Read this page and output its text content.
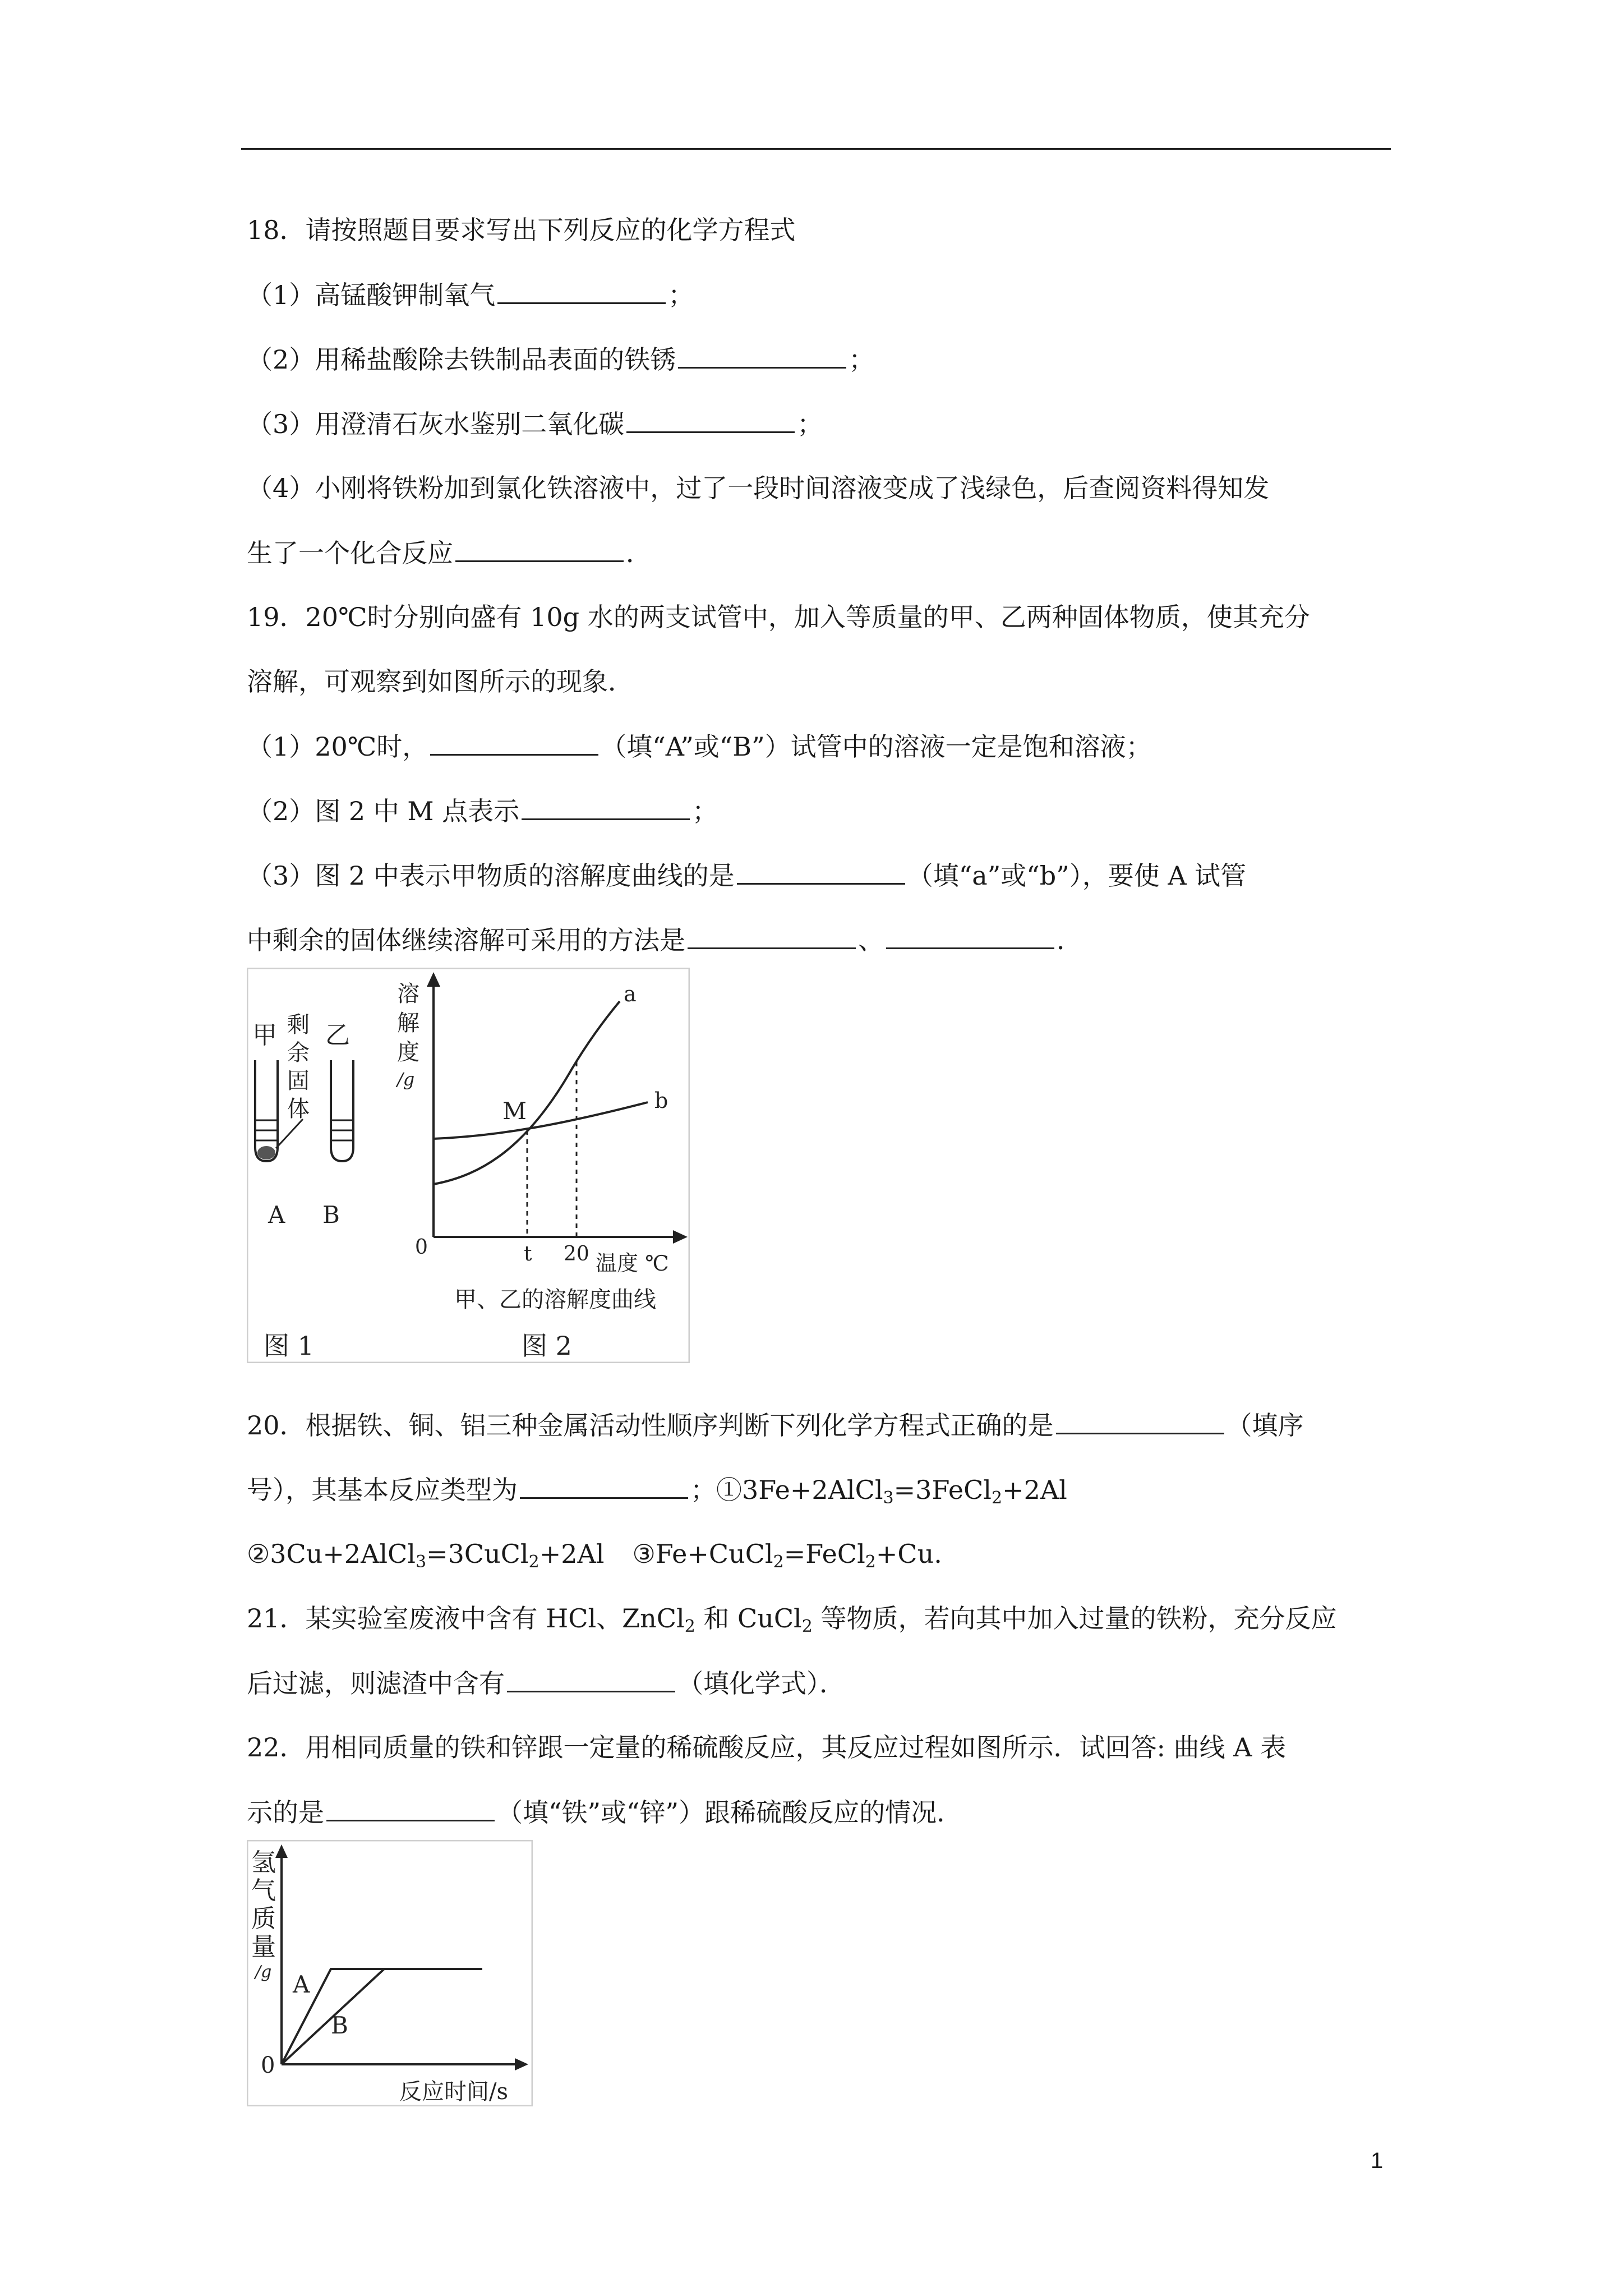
18．请按照题目要求写出下列反应的化学方程式
（1）高锰酸钾制氧气	；
（2）用稀盐酸除去铁制品表面的铁锈	；
（3）用澄清石灰水鉴别二氧化碳	；
（4）小刚将铁粉加到氯化铁溶液中，过了一段时间溶液变成了浅绿色，后查阅资料得知发
生了一个化合反应	．
19．20℃时分别向盛有 10g 水的两支试管中，加入等质量的甲、乙两种固体物质，使其充分
溶解，可观察到如图所示的现象．
（1）20℃时，	（填“A”或“B”）试管中的溶液一定是饱和溶液；
（2）图 2 中 M 点表示	；
（3）图 2 中表示甲物质的溶解度曲线的是	（填“a”或“b”），要使 A 试管
中剩余的固体继续溶解可采用的方法是	、	．
甲 乙
剩
余
固
体
A B
图 1
溶
解
度
/g
a
b
M
0	t 20 温度 ℃
甲、乙的溶解度曲线
图 2
20．根据铁、铜、铝三种金属活动性顺序判断下列化学方程式正确的是	（填序
号），其基本反应类型为	；①3Fe+2AlCl$_3$=3FeCl$_2$+2Al
②3Cu+2AlCl$_3$=3CuCl$_2$+2Al ③Fe+CuCl$_2$=FeCl$_2$+Cu.
21．某实验室废液中含有 HCl、ZnCl$_2$ 和 CuCl$_2$ 等物质，若向其中加入过量的铁粉，充分反应
后过滤，则滤渣中含有	（填化学式）．
22．用相同质量的铁和锌跟一定量的稀硫酸反应，其反应过程如图所示．试回答: 曲线 A 表
示的是	（填“铁”或“锌”）跟稀硫酸反应的情况．
氢
气
质
量
/g A
B
0
反应时间/s
1
